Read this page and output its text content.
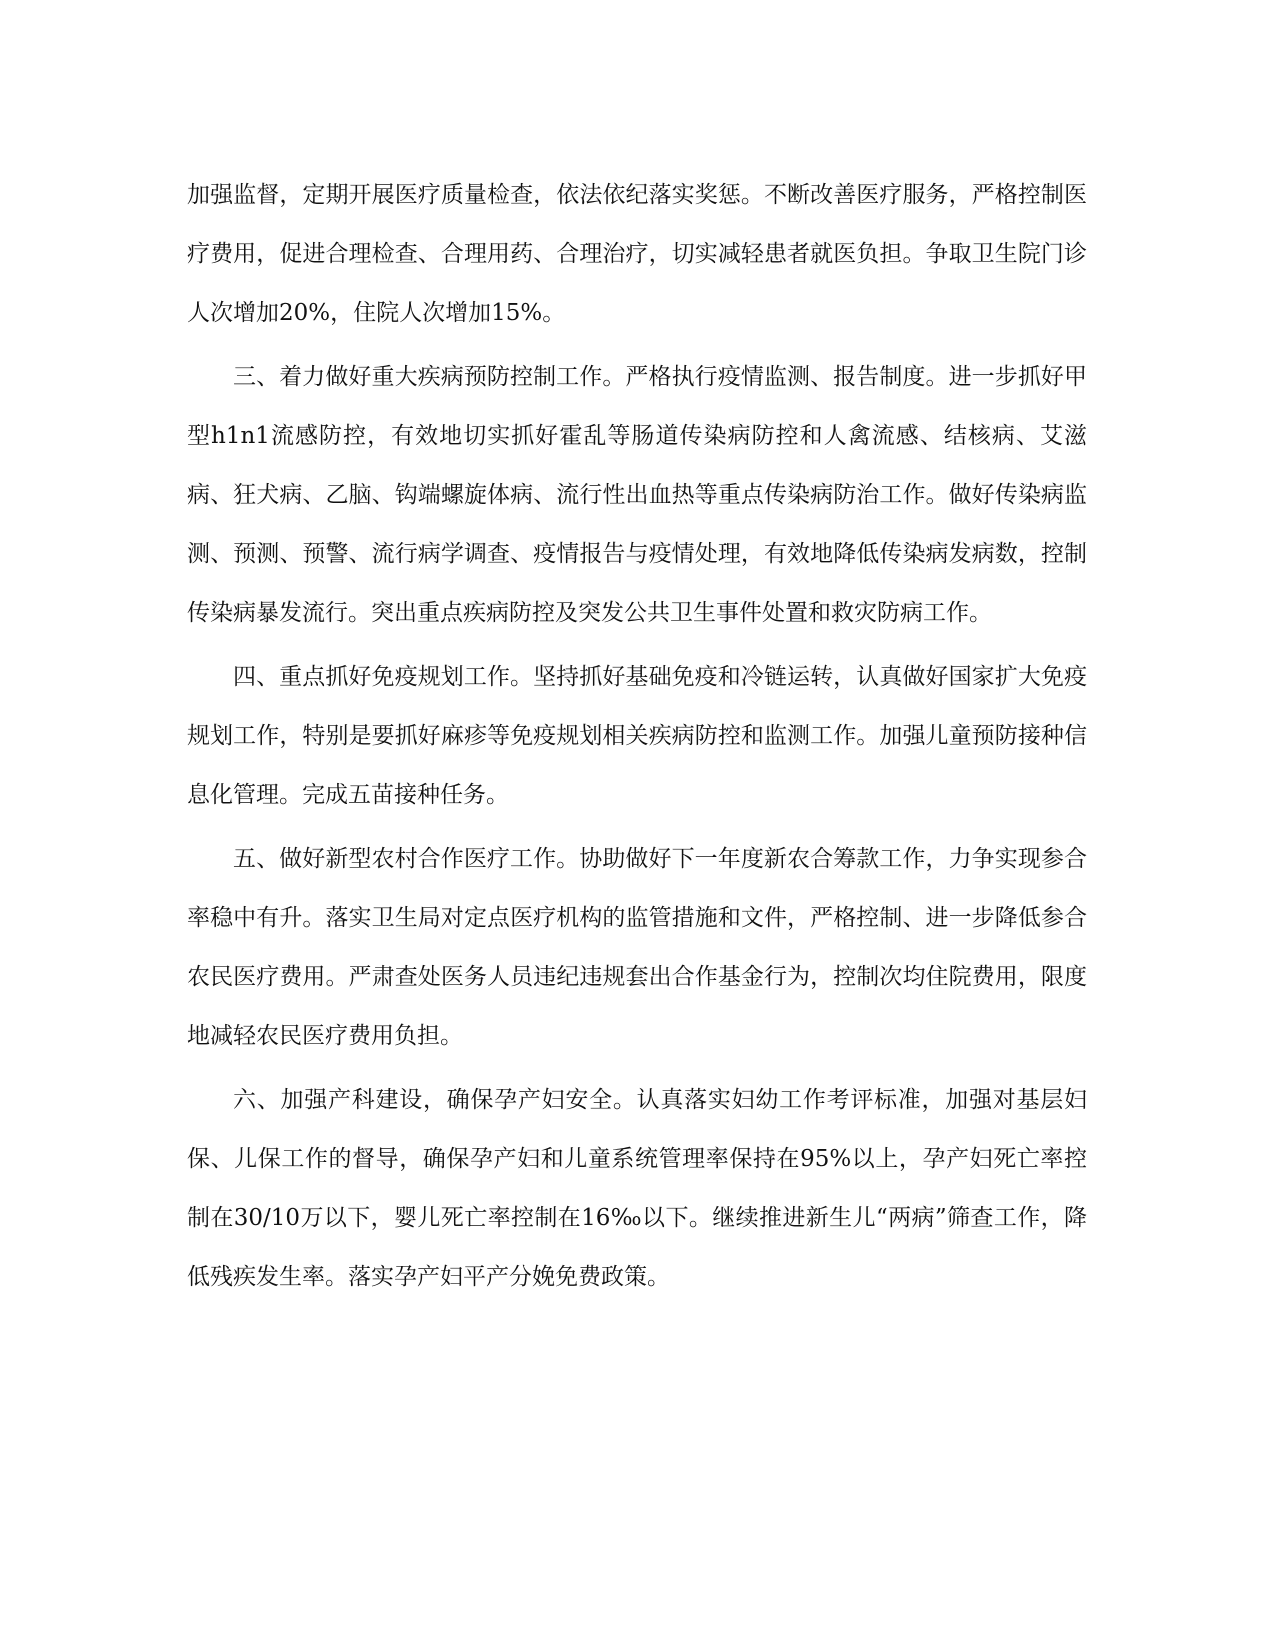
加强监督，定期开展医疗质量检查，依法依纪落实奖惩。不断改善医疗服务，严格控制医疗费用，促进合理检查、合理用药、合理治疗，切实减轻患者就医负担。争取卫生院门诊人次增加20%，住院人次增加15%。

三、着力做好重大疾病预防控制工作。严格执行疫情监测、报告制度。进一步抓好甲型h1n1流感防控，有效地切实抓好霍乱等肠道传染病防控和人禽流感、结核病、艾滋病、狂犬病、乙脑、钩端螺旋体病、流行性出血热等重点传染病防治工作。做好传染病监测、预测、预警、流行病学调查、疫情报告与疫情处理，有效地降低传染病发病数，控制传染病暴发流行。突出重点疾病防控及突发公共卫生事件处置和救灾防病工作。

四、重点抓好免疫规划工作。坚持抓好基础免疫和冷链运转，认真做好国家扩大免疫规划工作，特别是要抓好麻疹等免疫规划相关疾病防控和监测工作。加强儿童预防接种信息化管理。完成五苗接种任务。

五、做好新型农村合作医疗工作。协助做好下一年度新农合筹款工作，力争实现参合率稳中有升。落实卫生局对定点医疗机构的监管措施和文件，严格控制、进一步降低参合农民医疗费用。严肃查处医务人员违纪违规套出合作基金行为，控制次均住院费用，限度地减轻农民医疗费用负担。

六、加强产科建设，确保孕产妇安全。认真落实妇幼工作考评标准，加强对基层妇保、儿保工作的督导，确保孕产妇和儿童系统管理率保持在95%以上，孕产妇死亡率控制在30/10万以下，婴儿死亡率控制在16‰以下。继续推进新生儿“两病”筛查工作，降低残疾发生率。落实孕产妇平产分娩免费政策。
